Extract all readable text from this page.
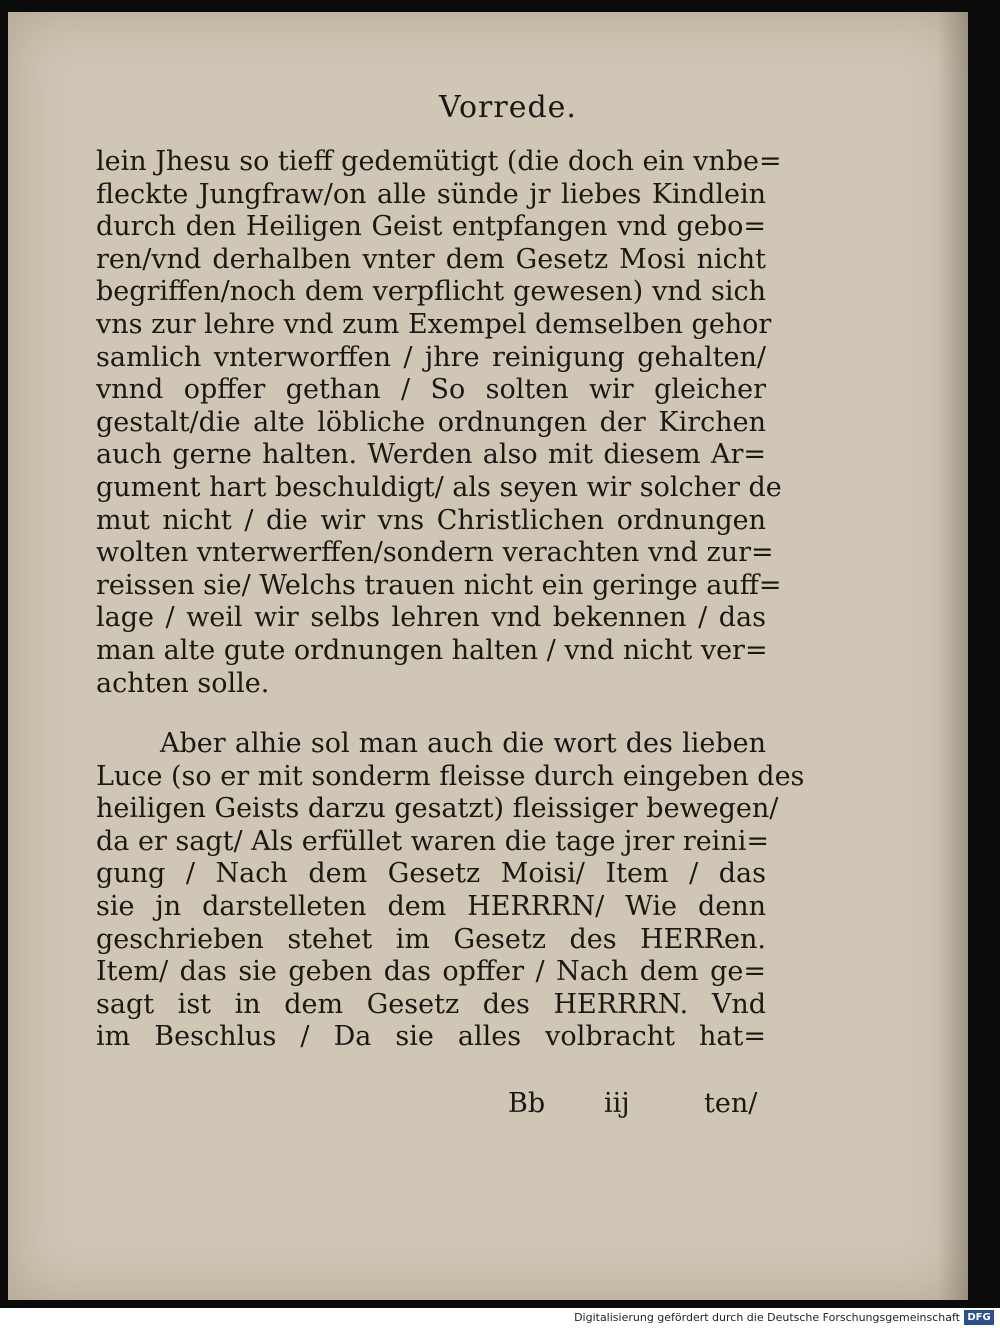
Vorrede.
lein Jhesu so tieff gedemütigt (die doch ein vnbe=
fleckte Jungfraw/on alle sünde jr liebes Kindlein
durch den Heiligen Geist entpfangen vnd gebo=
ren/vnd derhalben vnter dem Gesetz Mosi nicht
begriffen/noch dem verpflicht gewesen) vnd sich
vns zur lehre vnd zum Exempel demselben gehor
samlich vnterworffen / jhre reinigung gehalten/
vnnd opffer gethan / So solten wir gleicher
gestalt/die alte löbliche ordnungen der Kirchen
auch gerne halten. Werden also mit diesem Ar=
gument hart beschuldigt/ als seyen wir solcher de
mut nicht / die wir vns Christlichen ordnungen
wolten vnterwerffen/sondern verachten vnd zur=
reissen sie/ Welchs trauen nicht ein geringe auff=
lage / weil wir selbs lehren vnd bekennen / das
man alte gute ordnungen halten / vnd nicht ver=
achten solle.
Aber alhie sol man auch die wort des lieben
Luce (so er mit sonderm fleisse durch eingeben des
heiligen Geists darzu gesatzt) fleissiger bewegen/
da er sagt/ Als erfüllet waren die tage jrer reini=
gung / Nach dem Gesetz Moisi/ Item / das
sie jn darstelleten dem HERRRN/ Wie denn
geschrieben stehet im Gesetz des HERRen.
Item/ das sie geben das opffer / Nach dem ge=
sagt ist in dem Gesetz des HERRRN. Vnd
im Beschlus / Da sie alles volbracht hat=
Bb iij	ten/
Digitalisierung gefördert durch die Deutsche Forschungsgemeinschaft DFG
